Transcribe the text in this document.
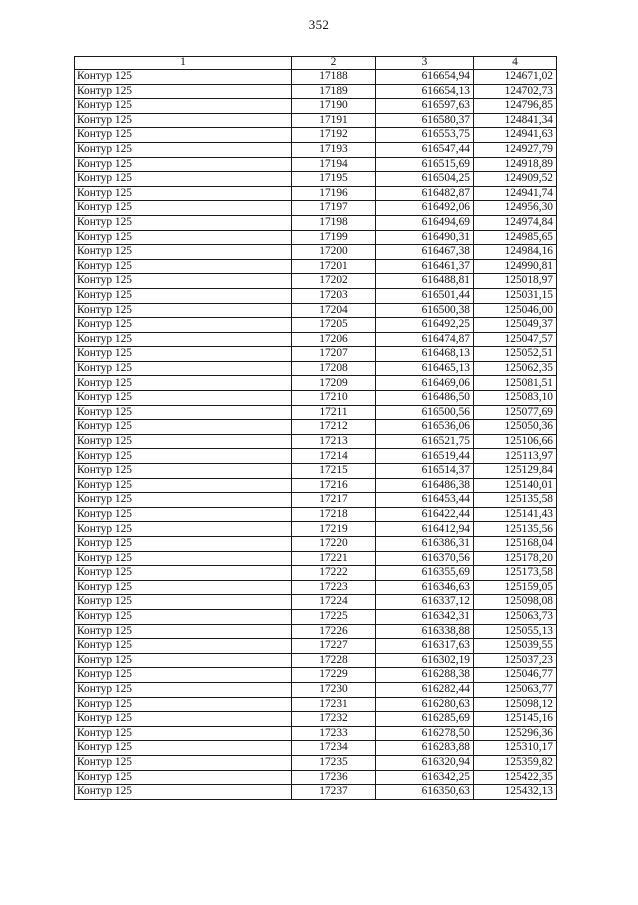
352
1	2	3	4
Контур 125	17188	616654,94	124671,02
Контур 125	17189	616654,13	124702,73
Контур 125	17190	616597,63	124796,85
Контур 125	17191	616580,37	124841,34
Контур 125	17192	616553,75	124941,63
Контур 125	17193	616547,44	124927,79
Контур 125	17194	616515,69	124918,89
Контур 125	17195	616504,25	124909,52
Контур 125	17196	616482,87	124941,74
Контур 125	17197	616492,06	124956,30
Контур 125	17198	616494,69	124974,84
Контур 125	17199	616490,31	124985,65
Контур 125	17200	616467,38	124984,16
Контур 125	17201	616461,37	124990,81
Контур 125	17202	616488,81	125018,97
Контур 125	17203	616501,44	125031,15
Контур 125	17204	616500,38	125046,00
Контур 125	17205	616492,25	125049,37
Контур 125	17206	616474,87	125047,57
Контур 125	17207	616468,13	125052,51
Контур 125	17208	616465,13	125062,35
Контур 125	17209	616469,06	125081,51
Контур 125	17210	616486,50	125083,10
Контур 125	17211	616500,56	125077,69
Контур 125	17212	616536,06	125050,36
Контур 125	17213	616521,75	125106,66
Контур 125	17214	616519,44	125113,97
Контур 125	17215	616514,37	125129,84
Контур 125	17216	616486,38	125140,01
Контур 125	17217	616453,44	125135,58
Контур 125	17218	616422,44	125141,43
Контур 125	17219	616412,94	125135,56
Контур 125	17220	616386,31	125168,04
Контур 125	17221	616370,56	125178,20
Контур 125	17222	616355,69	125173,58
Контур 125	17223	616346,63	125159,05
Контур 125	17224	616337,12	125098,08
Контур 125	17225	616342,31	125063,73
Контур 125	17226	616338,88	125055,13
Контур 125	17227	616317,63	125039,55
Контур 125	17228	616302,19	125037,23
Контур 125	17229	616288,38	125046,77
Контур 125	17230	616282,44	125063,77
Контур 125	17231	616280,63	125098,12
Контур 125	17232	616285,69	125145,16
Контур 125	17233	616278,50	125296,36
Контур 125	17234	616283,88	125310,17
Контур 125	17235	616320,94	125359,82
Контур 125	17236	616342,25	125422,35
Контур 125	17237	616350,63	125432,13
